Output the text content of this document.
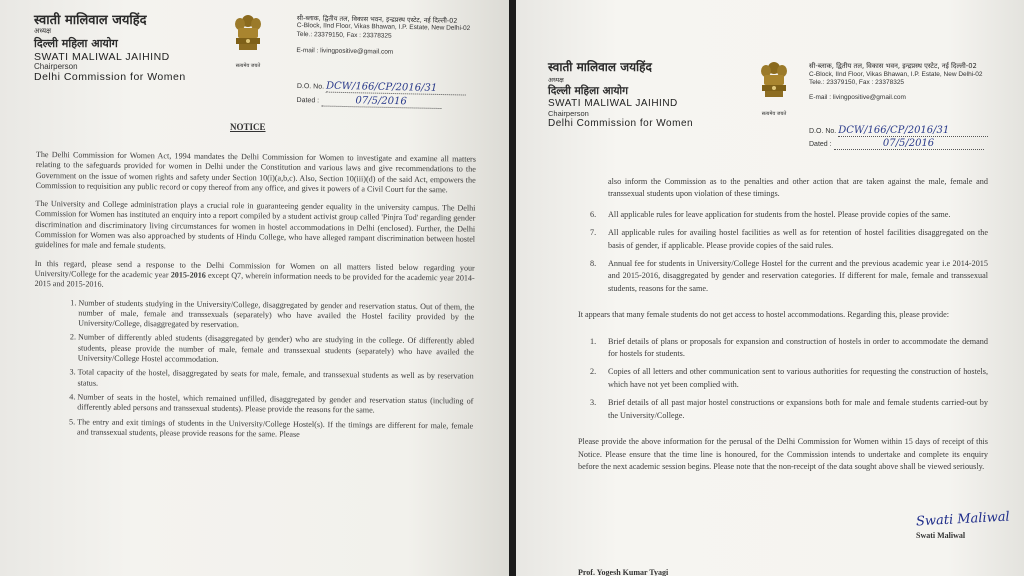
स्वाती मालिवाल जयहिंद
अध्यक्ष
दिल्ली महिला आयोग
SWATI MALIWAL JAIHIND
Chairperson
Delhi Commission for Women
सत्यमेव जयते
सी-ब्लाक, द्वितीय तल, विकास भवन, इन्द्रप्रस्थ एस्टेट, नई दिल्ली-02
C-Block, IInd Floor, Vikas Bhawan, I.P. Estate, New Delhi-02
Tele.: 23379150, Fax : 23378325
E-mail : livingpositive@gmail.com
D.O. No. DCW/166/CP/2016/31
Dated :	07/5/2016
NOTICE

The Delhi Commission for Women Act, 1994 mandates the Delhi Commission for Women to investigate and examine all matters relating to the safeguards provided for women in Delhi under the Constitution and various laws and give recommendations to the Government on the issue of women rights and safety under Section 10(i)(a,b,c). Also, Section 10(iii)(d) of the said Act, empowers the Commission to requisition any public record or copy thereof from any office, and gives it powers of a Civil Court for the same.

The University and College administration plays a crucial role in guaranteeing gender equality in the university campus. The Delhi Commission for Women has instituted an enquiry into a report compiled by a student activist group called 'Pinjra Tod' regarding gender discrimination and discriminatory living circumstances for women in hostel accommodations in Delhi (enclosed). Further, the Delhi Commission for Women was also approached by students of Hindu College, who have alleged rampant discrimination between hostel guidelines for male and female students.

In this regard, please send a response to the Delhi Commission for Women on all matters listed below regarding your University/College for the academic year 2015-2016 except Q7, wherein information needs to be provided for the academic year 2014-2015 and 2015-2016.

1. Number of students studying in the University/College, disaggregated by gender and reservation status. Out of them, the number of male, female and transsexuals (separately) who have availed the Hostel facility provided by the University/College, disaggregated by reservation.
2. Number of differently abled students (disaggregated by gender) who are studying in the college. Of differently abled students, please provide the number of male, female and transsexual students (separately) who have availed the University/College Hostel accommodation.
3. Total capacity of the hostel, disaggregated by seats for male, female, and transsexual students as well as by reservation status.
4. Number of seats in the hostel, which remained unfilled, disaggregated by gender and reservation status (including of differently abled persons and transsexual students). Please provide the reasons for the same.
5. The entry and exit timings of students in the University/College Hostel(s). If the timings are different for male, female and transsexual students, please provide reasons for the same. Please
स्वाती मालिवाल जयहिंद
अध्यक्ष
दिल्ली महिला आयोग
SWATI MALIWAL JAIHIND
Chairperson
Delhi Commission for Women
सत्यमेव जयते
सी-ब्लाक, द्वितीय तल, विकास भवन, इन्द्रप्रस्थ एस्टेट, नई दिल्ली-02
C-Block, IInd Floor, Vikas Bhawan, I.P. Estate, New Delhi-02
Tele.: 23379150, Fax : 23378325
E-mail : livingpositive@gmail.com
D.O. No. DCW/166/CP/2016/31
Dated :	07/5/2016

also inform the Commission as to the penalties and other action that are taken against the male, female and transsexual students upon violation of these timings.

6.	All applicable rules for leave application for students from the hostel. Please provide copies of the same.
7.	All applicable rules for availing hostel facilities as well as for retention of hostel facilities disaggregated on the basis of gender, if applicable. Please provide copies of the said rules.
8.	Annual fee for students in University/College Hostel for the current and the previous academic year i.e 2014-2015 and 2015-2016, disaggregated by gender and reservation categories. If different for male, female and transsexual students, reasons for the same.

It appears that many female students do not get access to hostel accommodations. Regarding this, please provide:

1.	Brief details of plans or proposals for expansion and construction of hostels in order to accommodate the demand for hostels for students.
2.	Copies of all letters and other communication sent to various authorities for requesting the construction of hostels, which have not yet been complied with.
3.	Brief details of all past major hostel constructions or expansions both for male and female students carried-out by the University/College.

Please provide the above information for the perusal of the Delhi Commission for Women within 15 days of receipt of this Notice. Please ensure that the time line is honoured, for the Commission intends to undertake and complete its enquiry before the next academic session begins. Please note that the non-receipt of the data sought above shall be viewed seriously.

Swati Maliwal
Swati Maliwal
Prof. Yogesh Kumar Tyagi
